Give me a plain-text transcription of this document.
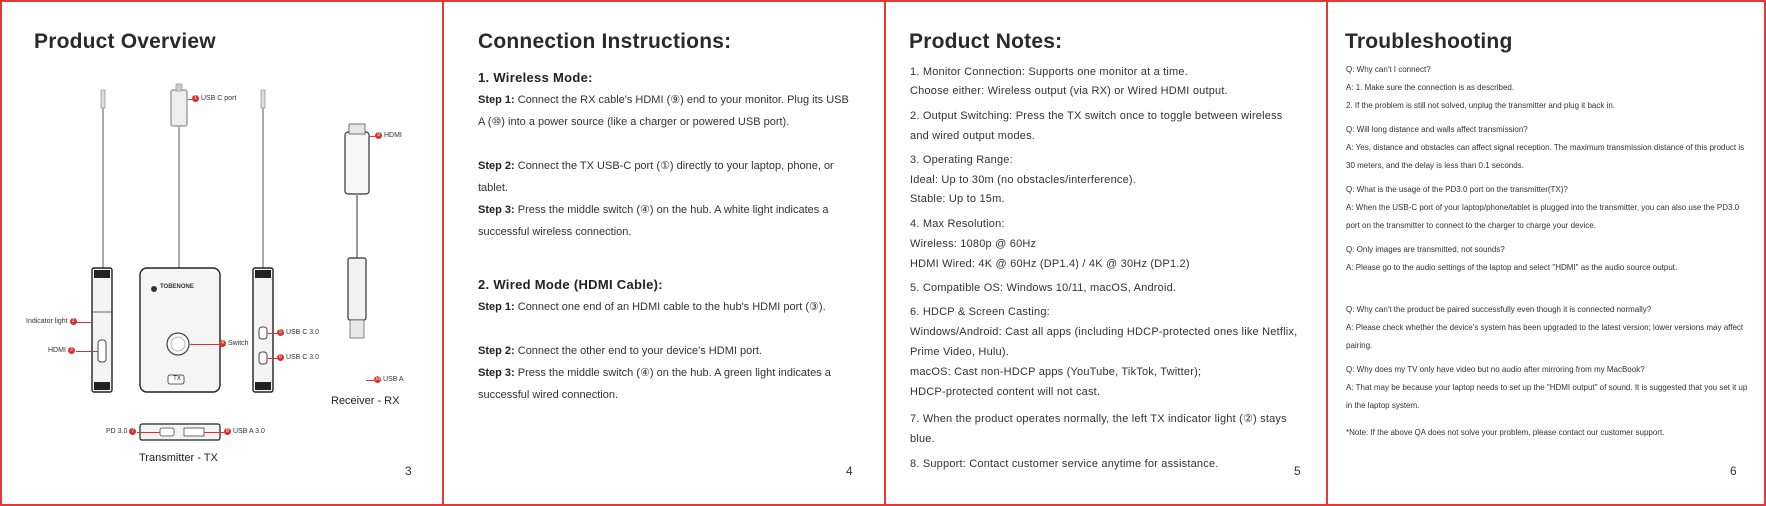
Product Overview
1 USB C port
9 HDMI
Indicator light 2
HDMI 3
4 Switch
5 USB C 3.0
6 USB C 3.0
10 USB A
PD 3.0 7	8 USB A 3.0
TOBENONE
TX
Receiver - RX
Transmitter - TX
3
Connection Instructions:
1. Wireless Mode:
Step 1: Connect the RX cable's HDMI (⑨) end to your monitor. Plug its USB A (⑩) into a power source (like a charger or powered USB port).
Step 2: Connect the TX USB-C port (①) directly to your laptop, phone, or tablet.
Step 3: Press the middle switch (④) on the hub. A white light indicates a successful wireless connection.
2. Wired Mode (HDMI Cable):
Step 1: Connect one end of an HDMI cable to the hub's HDMI port (③).
Step 2: Connect the other end to your device's HDMI port.
Step 3: Press the middle switch (④) on the hub. A green light indicates a successful wired connection.
4
Product Notes:
1. Monitor Connection: Supports one monitor at a time.
Choose either: Wireless output (via RX) or Wired HDMI output.
2. Output Switching: Press the TX switch once to toggle between wireless and wired output modes.
3. Operating Range:
Ideal: Up to 30m (no obstacles/interference).
Stable: Up to 15m.
4. Max Resolution:
Wireless: 1080p @ 60Hz
HDMI Wired: 4K @ 60Hz (DP1.4) / 4K @ 30Hz (DP1.2)
5. Compatible OS: Windows 10/11, macOS, Android.
6. HDCP & Screen Casting:
Windows/Android: Cast all apps (including HDCP-protected ones like Netflix, Prime Video, Hulu).
macOS: Cast non-HDCP apps (YouTube, TikTok, Twitter);
HDCP-protected content will not cast.
7. When the product operates normally, the left TX indicator light (②) stays blue.
8. Support: Contact customer service anytime for assistance.	5
Troubleshooting
Q: Why can't I connect?
A: 1. Make sure the connection is as described.
2. If the problem is still not solved, unplug the transmitter and plug it back in.
Q: Will long distance and walls affect transmission?
A: Yes, distance and obstacles can affect signal reception. The maximum transmission distance of this product is 30 meters, and the delay is less than 0.1 seconds.
Q: What is the usage of the PD3.0 port on the transmitter(TX)?
A: When the USB-C port of your laptop/phone/tablet is plugged into the transmitter, you can also use the PD3.0 port on the transmitter to connect to the charger to charge your device.
Q: Only images are transmitted, not sounds?
A: Please go to the audio settings of the laptop and select "HDMI" as the audio source output.
Q: Why can't the product be paired successfully even though it is connected normally?
A: Please check whether the device's system has been upgraded to the latest version; lower versions may affect pairing.
Q: Why does my TV only have video but no audio after mirroring from my MacBook?
A: That may be because your laptop needs to set up the "HDMI output" of sound. It is suggested that you set it up in the laptop system.
*Note: If the above QA does not solve your problem, please contact our customer support.
6
